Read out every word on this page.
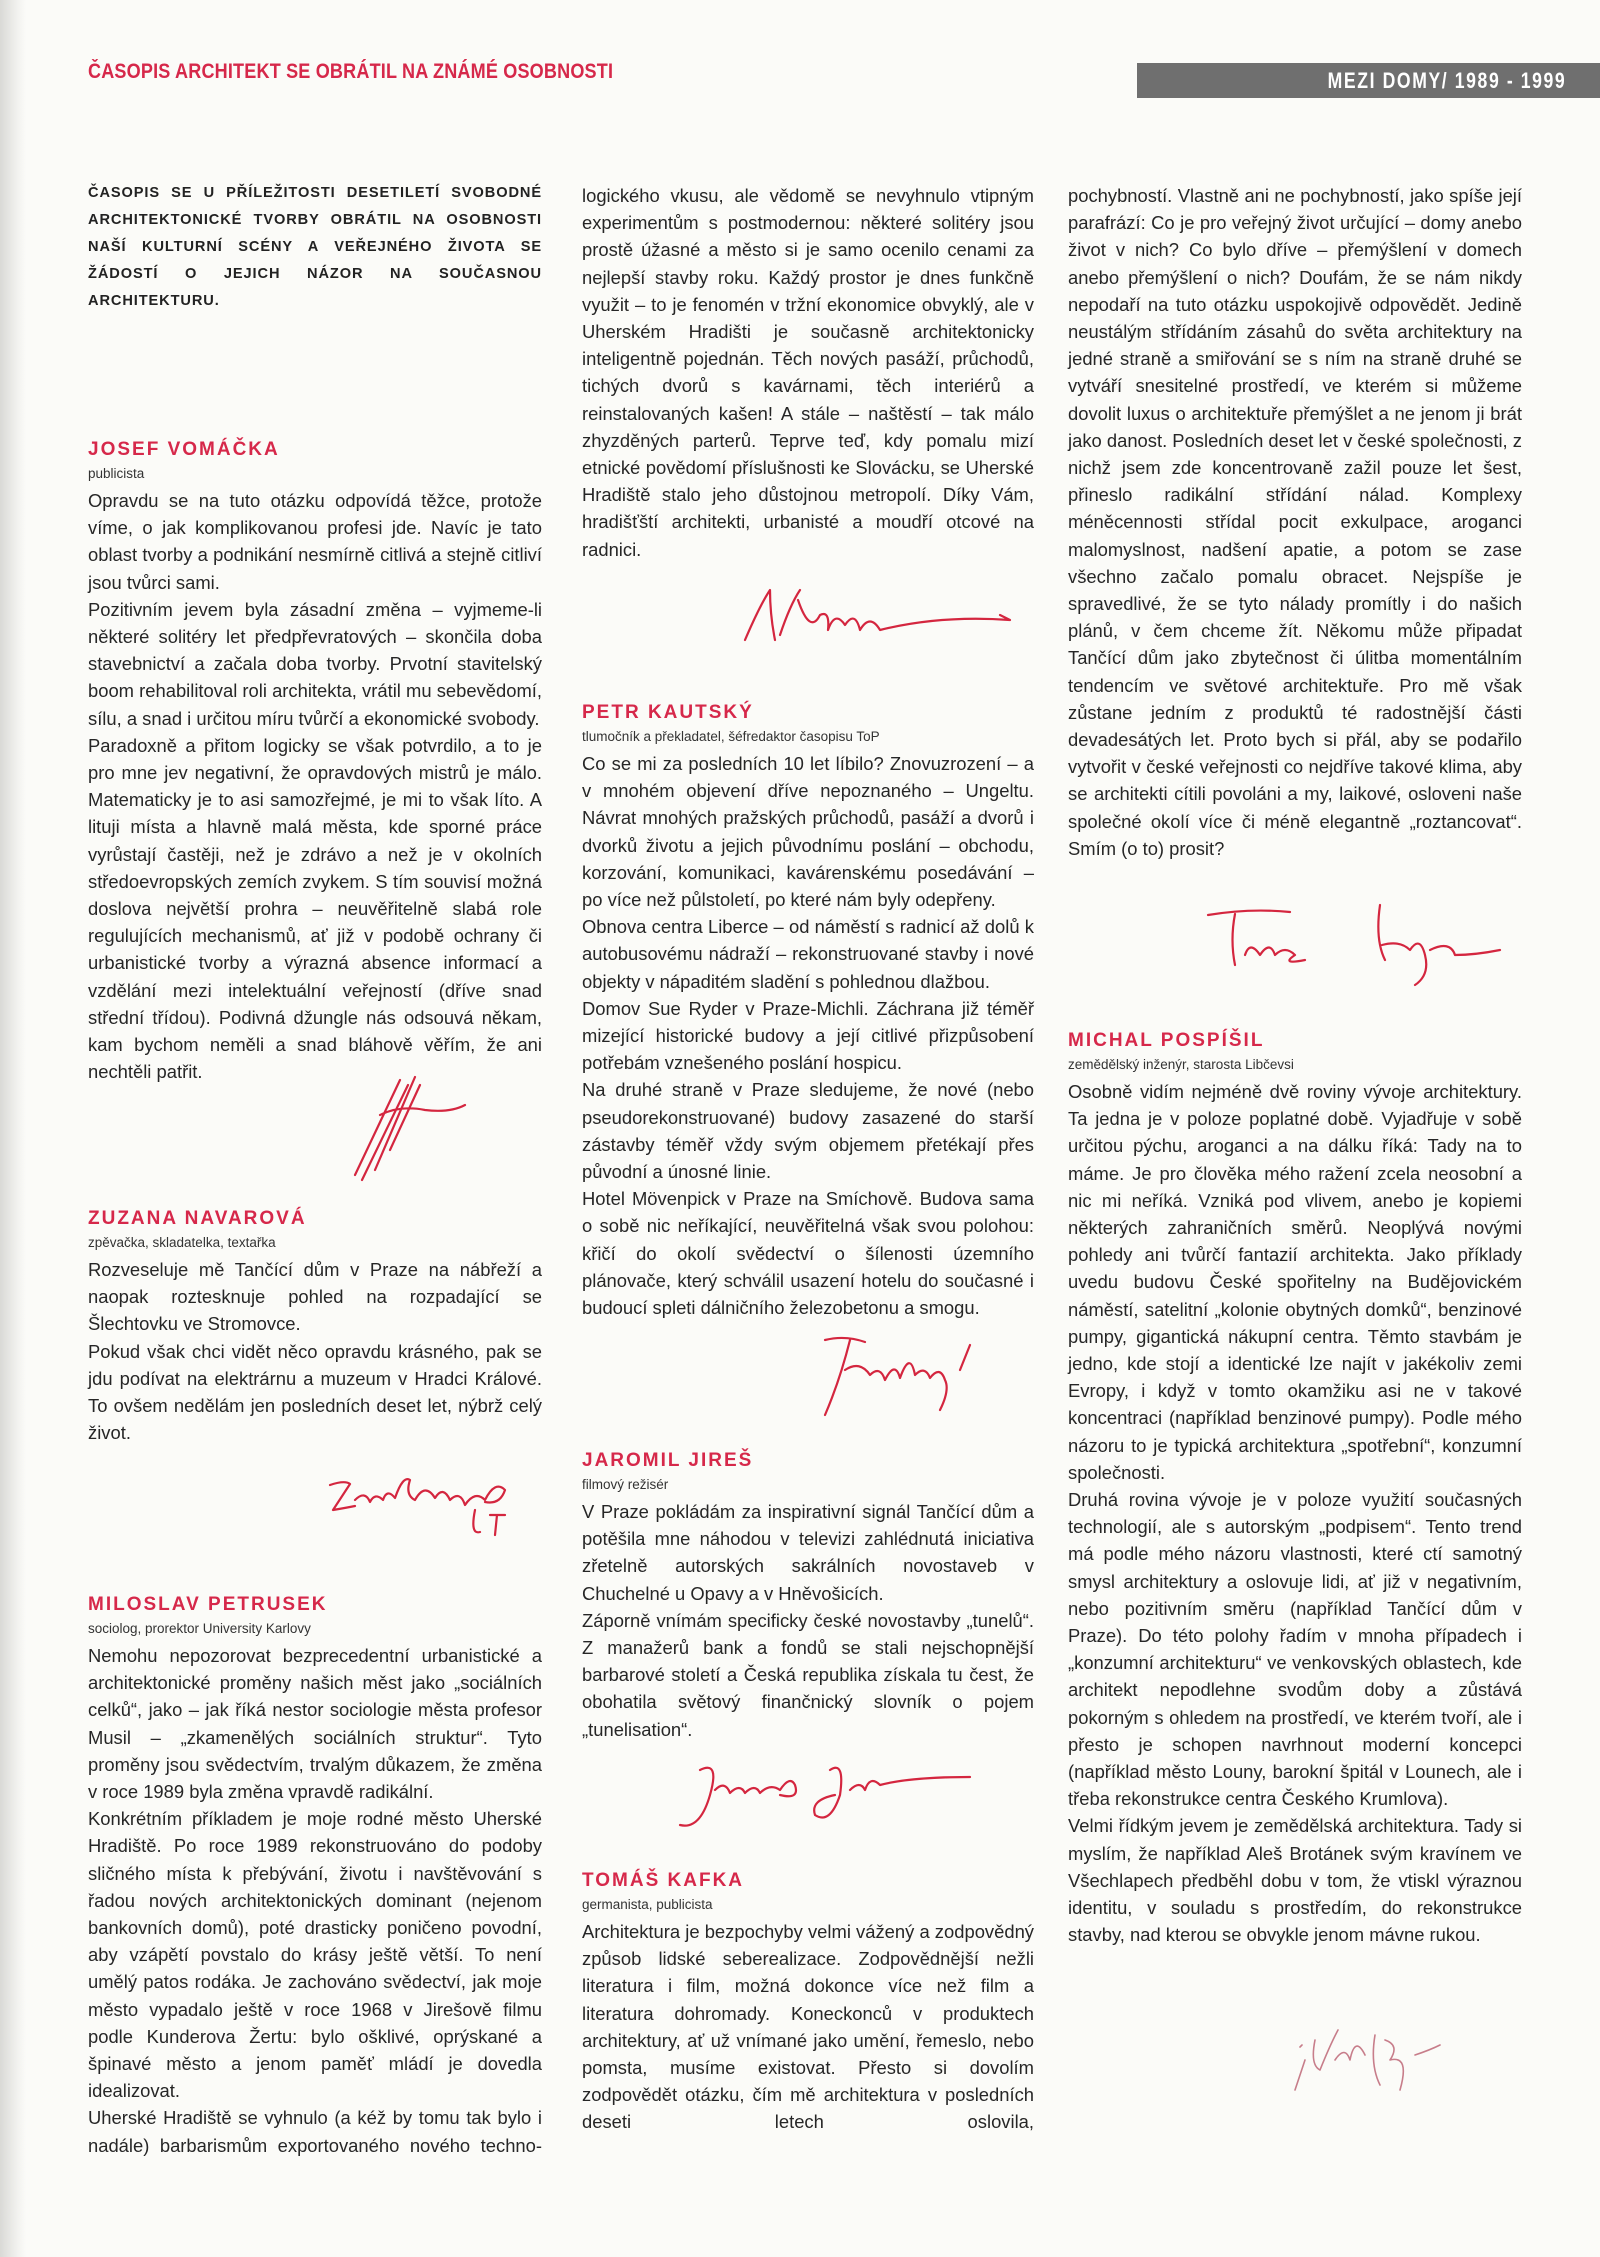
ČASOPIS ARCHITEKT SE OBRÁTIL NA ZNÁMÉ OSOBNOSTI	MEZI DOMY/ 1989 - 1999
ČASOPIS SE U PŘÍLEŽITOSTI DESETILETÍ SVOBODNÉ ARCHITEKTONICKÉ TVORBY OBRÁTIL NA OSOBNOSTI NAŠÍ KULTURNÍ SCÉNY A VEŘEJNÉHO ŽIVOTA SE ŽÁDOSTÍ O JEJICH NÁZOR NA SOUČASNOU ARCHITEKTURU.
JOSEF VOMÁČKA
publicista

Opravdu se na tuto otázku odpovídá těžce, protože víme, o jak komplikovanou profesi jde. Navíc je tato oblast tvorby a podnikání nesmírně citlivá a stejně citliví jsou tvůrci sami.

Pozitivním jevem byla zásadní změna – vyjmeme-li některé solitéry let předpřevratových – skončila doba stavebnictví a začala doba tvorby. Prvotní stavitelský boom rehabilitoval roli architekta, vrátil mu sebevědomí, sílu, a snad i určitou míru tvůrčí a ekonomické svobody.

Paradoxně a přitom logicky se však potvrdilo, a to je pro mne jev negativní, že opravdových mistrů je málo. Matematicky je to asi samozřejmé, je mi to však líto. A lituji místa a hlavně malá města, kde sporné práce vyrůstají častěji, než je zdrávo a než je v okolních středoevropských zemích zvykem. S tím souvisí možná doslova největší prohra – neuvěřitelně slabá role regulujících mechanismů, ať již v podobě ochrany či urbanistické tvorby a výrazná absence informací a vzdělání mezi intelektuální veřejností (dříve snad střední třídou). Podivná džungle nás odsouvá někam, kam bychom neměli a snad bláhově věřím, že ani nechtěli patřit.

ZUZANA NAVAROVÁ
zpěvačka, skladatelka, textařka

Rozveseluje mě Tančící dům v Praze na nábřeží a naopak roztesknuje pohled na rozpadající se Šlechtovku ve Stromovce.

Pokud však chci vidět něco opravdu krásného, pak se jdu podívat na elektrárnu a muzeum v Hradci Králové. To ovšem nedělám jen posledních deset let, nýbrž celý život.

MILOSLAV PETRUSEK
sociolog, prorektor University Karlovy

Nemohu nepozorovat bezprecedentní urbanistické a architektonické proměny našich měst jako „sociálních celků“, jako – jak říká nestor sociologie města profesor Musil – „zkamenělých sociálních struktur“. Tyto proměny jsou svědectvím, trvalým důkazem, že změna v roce 1989 byla změna vpravdě radikální.

Konkrétním příkladem je moje rodné město Uherské Hradiště. Po roce 1989 rekonstruováno do podoby sličného místa k přebývání, životu i navštěvování s řadou nových architektonických dominant (nejenom bankovních domů), poté drasticky poničeno povodní, aby vzápětí povstalo do krásy ještě větší. To není umělý patos rodáka. Je zachováno svědectví, jak moje město vypadalo ještě v roce 1968 v Jirešově filmu podle Kunderova Žertu: bylo ošklivé, oprýskané a špinavé město a jenom paměť mládí je dovedla idealizovat.

Uherské Hradiště se vyhnulo (a kéž by tomu tak bylo i nadále) barbarismům exportovaného nového techno-

logického vkusu, ale vědomě se nevyhnulo vtipným experimentům s postmodernou: některé solitéry jsou prostě úžasné a město si je samo ocenilo cenami za nejlepší stavby roku. Každý prostor je dnes funkčně využit – to je fenomén v tržní ekonomice obvyklý, ale v Uherském Hradišti je současně architektonicky inteligentně pojednán. Těch nových pasáží, průchodů, tichých dvorů s kavárnami, těch interiérů a reinstalovaných kašen! A stále – naštěstí – tak málo zhyzděných parterů. Teprve teď, kdy pomalu mizí etnické povědomí příslušnosti ke Slovácku, se Uherské Hradiště stalo jeho důstojnou metropolí. Díky Vám, hradišťští architekti, urbanisté a moudří otcové na radnici.

PETR KAUTSKÝ
tlumočník a překladatel, šéfredaktor časopisu ToP

Co se mi za posledních 10 let líbilo? Znovuzrození – a v mnohém objevení dříve nepoznaného – Ungeltu. Návrat mnohých pražských průchodů, pasáží a dvorů i dvorků životu a jejich původnímu poslání – obchodu, korzování, komunikaci, kavárenskému posedávání – po více než půlstoletí, po které nám byly odepřeny.

Obnova centra Liberce – od náměstí s radnicí až dolů k autobusovému nádraží – rekonstruované stavby i nové objekty v nápaditém sladění s pohlednou dlažbou.

Domov Sue Ryder v Praze-Michli. Záchrana již téměř mizející historické budovy a její citlivé přizpůsobení potřebám vznešeného poslání hospicu.

Na druhé straně v Praze sledujeme, že nové (nebo pseudorekonstruované) budovy zasazené do starší zástavby téměř vždy svým objemem přetékají přes původní a únosné linie.

Hotel Mövenpick v Praze na Smíchově. Budova sama o sobě nic neříkající, neuvěřitelná však svou polohou: křičí do okolí svědectví o šílenosti územního plánovače, který schválil usazení hotelu do současné i budoucí spleti dálničního železobetonu a smogu.

JAROMIL JIREŠ
filmový režisér

V Praze pokládám za inspirativní signál Tančící dům a potěšila mne náhodou v televizi zahlédnutá iniciativa zřetelně autorských sakrálních novostaveb v Chuchelné u Opavy a v Hněvošicích.

Záporně vnímám specificky české novostavby „tunelů“. Z manažerů bank a fondů se stali nejschopnější barbarové století a Česká republika získala tu čest, že obohatila světový finančnický slovník o pojem „tunelisation“.

TOMÁŠ KAFKA
germanista, publicista

Architektura je bezpochyby velmi vážený a zodpovědný způsob lidské seberealizace. Zodpovědnější nežli literatura i film, možná dokonce více než film a literatura dohromady. Koneckonců v produktech architektury, ať už vnímané jako umění, řemeslo, nebo pomsta, musíme existovat. Přesto si dovolím zodpovědět otázku, čím mě architektura v posledních deseti letech oslovila,

pochybností. Vlastně ani ne pochybností, jako spíše její parafrází: Co je pro veřejný život určující – domy anebo život v nich? Co bylo dříve – přemýšlení v domech anebo přemýšlení o nich? Doufám, že se nám nikdy nepodaří na tuto otázku uspokojivě odpovědět. Jedině neustálým střídáním zásahů do světa architektury na jedné straně a smiřování se s ním na straně druhé se vytváří snesitelné prostředí, ve kterém si můžeme dovolit luxus o architektuře přemýšlet a ne jenom ji brát jako danost. Posledních deset let v české společnosti, z nichž jsem zde koncentrovaně zažil pouze let šest, přineslo radikální střídání nálad. Komplexy méněcennosti střídal pocit exkulpace, aroganci malomyslnost, nadšení apatie, a potom se zase všechno začalo pomalu obracet. Nejspíše je spravedlivé, že se tyto nálady promítly i do našich plánů, v čem chceme žít. Někomu může připadat Tančící dům jako zbytečnost či úlitba momentálním tendencím ve světové architektuře. Pro mě však zůstane jedním z produktů té radostnější části devadesátých let. Proto bych si přál, aby se podařilo vytvořit v české veřejnosti co nejdříve takové klima, aby se architekti cítili povoláni a my, laikové, osloveni naše společné okolí více či méně elegantně „roztancovat“. Smím (o to) prosit?

MICHAL POSPÍŠIL
zemědělský inženýr, starosta Libčevsi

Osobně vidím nejméně dvě roviny vývoje architektury. Ta jedna je v poloze poplatné době. Vyjadřuje v sobě určitou pýchu, aroganci a na dálku říká: Tady na to máme. Je pro člověka mého ražení zcela neosobní a nic mi neříká. Vzniká pod vlivem, anebo je kopiemi některých zahraničních směrů. Neoplývá novými pohledy ani tvůrčí fantazií architekta. Jako příklady uvedu budovu České spořitelny na Budějovickém náměstí, satelitní „kolonie obytných domků“, benzinové pumpy, gigantická nákupní centra. Těmto stavbám je jedno, kde stojí a identické lze najít v jakékoliv zemi Evropy, i když v tomto okamžiku asi ne v takové koncentraci (například benzinové pumpy). Podle mého názoru to je typická architektura „spotřební“, konzumní společnosti.

Druhá rovina vývoje je v poloze využití současných technologií, ale s autorským „podpisem“. Tento trend má podle mého názoru vlastnosti, které ctí samotný smysl architektury a oslovuje lidi, ať již v negativním, nebo pozitivním směru (například Tančící dům v Praze). Do této polohy řadím v mnoha případech i „konzumní architekturu“ ve venkovských oblastech, kde architekt nepodlehne svodům doby a zůstává pokorným s ohledem na prostředí, ve kterém tvoří, ale i přesto je schopen navrhnout moderní koncepci (například město Louny, barokní špitál v Lounech, ale i třeba rekonstrukce centra Českého Krumlova).

Velmi řídkým jevem je zemědělská architektura. Tady si myslím, že například Aleš Brotánek svým kravínem ve Všechlapech předběhl dobu v tom, že vtiskl výraznou identitu, v souladu s prostředím, do rekonstrukce stavby, nad kterou se obvykle jenom mávne rukou.
